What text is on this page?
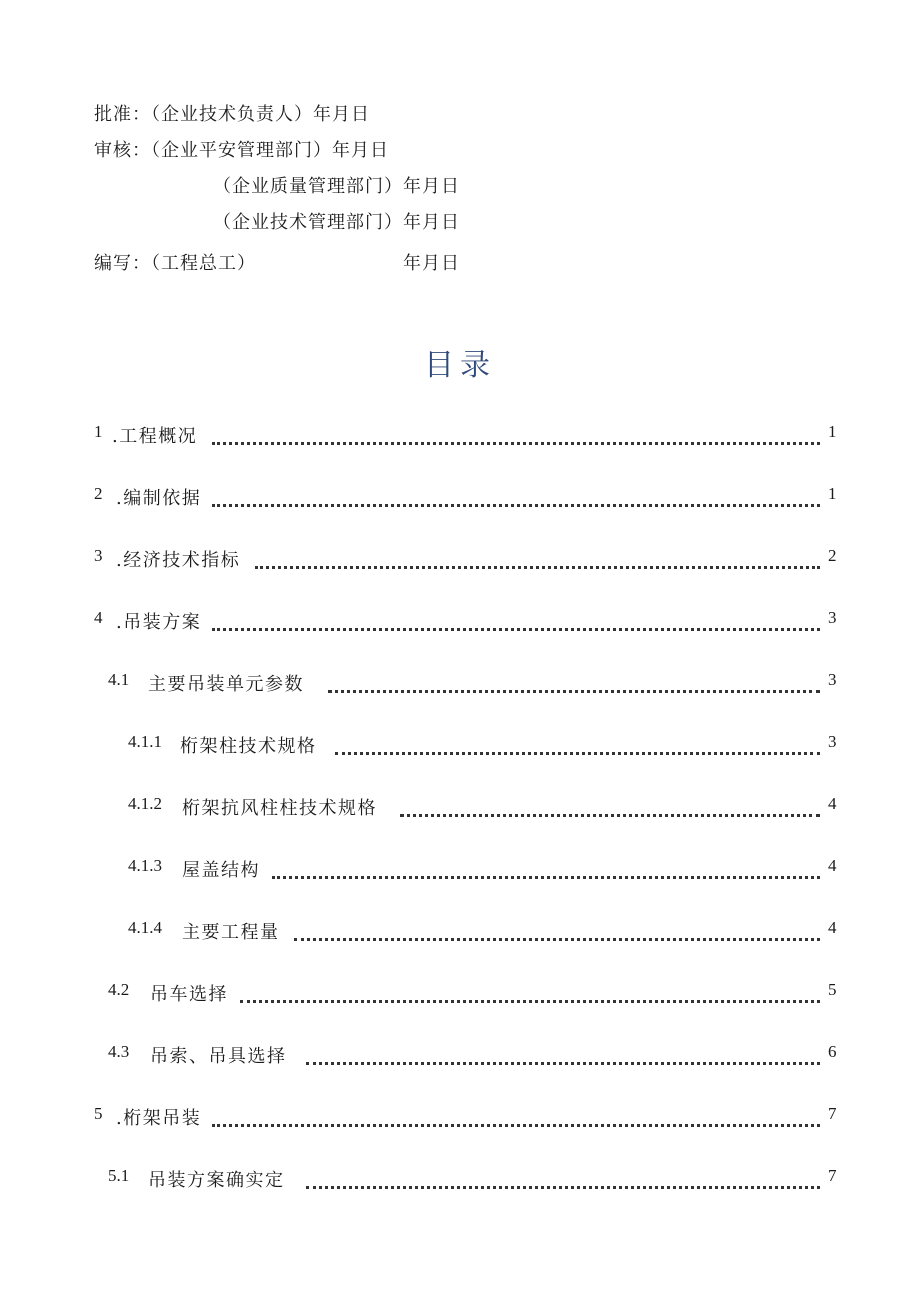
批准：（企业技术负责人）年月日
审核：（企业平安管理部门）年月日
（企业质量管理部门）年月日
（企业技术管理部门）年月日
编写：（工程总工）	年月日
目录
1 .工程概况	1
2 .编制依据	1
3 .经济技术指标	2
4 .吊装方案	3
4.1 主要吊装单元参数	3
4.1.1 桁架柱技术规格	3
4.1.2 桁架抗风柱柱技术规格	4
4.1.3 屋盖结构	4
4.1.4 主要工程量	4
4.2 吊车选择	5
4.3 吊索、吊具选择	6
5 .桁架吊装	7
5.1 吊装方案确实定	7
